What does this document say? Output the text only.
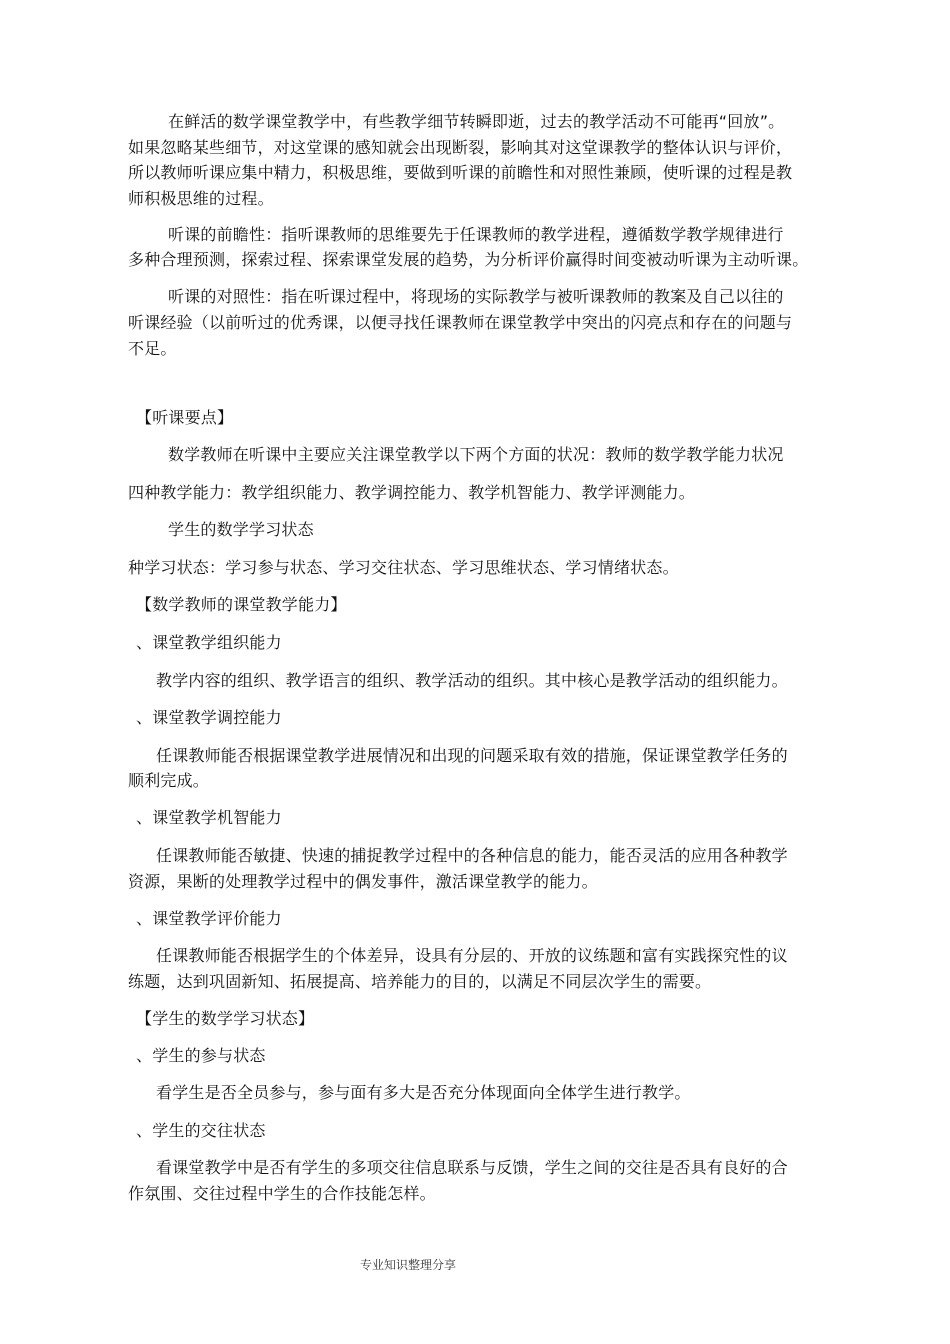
在鲜活的数学课堂教学中，有些教学细节转瞬即逝，过去的教学活动不可能再“回放”。
如果忽略某些细节，对这堂课的感知就会出现断裂，影响其对这堂课教学的整体认识与评价，
所以教师听课应集中精力，积极思维，要做到听课的前瞻性和对照性兼顾，使听课的过程是教
师积极思维的过程。
听课的前瞻性：指听课教师的思维要先于任课教师的教学进程，遵循数学教学规律进行
多种合理预测，探索过程、探索课堂发展的趋势，为分析评价赢得时间变被动听课为主动听课。
听课的对照性：指在听课过程中，将现场的实际教学与被听课教师的教案及自己以往的
听课经验（以前听过的优秀课，以便寻找任课教师在课堂教学中突出的闪亮点和存在的问题与
不足。
【听课要点】
数学教师在听课中主要应关注课堂教学以下两个方面的状况：教师的数学教学能力状况
四种教学能力：教学组织能力、教学调控能力、教学机智能力、教学评测能力。
学生的数学学习状态
种学习状态：学习参与状态、学习交往状态、学习思维状态、学习情绪状态。
【数学教师的课堂教学能力】
、课堂教学组织能力
教学内容的组织、教学语言的组织、教学活动的组织。其中核心是教学活动的组织能力。
、课堂教学调控能力
任课教师能否根据课堂教学进展情况和出现的问题采取有效的措施，保证课堂教学任务的
顺利完成。
、课堂教学机智能力
任课教师能否敏捷、快速的捕捉教学过程中的各种信息的能力，能否灵活的应用各种教学
资源，果断的处理教学过程中的偶发事件，激活课堂教学的能力。
、课堂教学评价能力
任课教师能否根据学生的个体差异，设具有分层的、开放的议练题和富有实践探究性的议
练题，达到巩固新知、拓展提高、培养能力的目的，以满足不同层次学生的需要。
【学生的数学学习状态】
、学生的参与状态
看学生是否全员参与，参与面有多大是否充分体现面向全体学生进行教学。
、学生的交往状态
看课堂教学中是否有学生的多项交往信息联系与反馈，学生之间的交往是否具有良好的合
作氛围、交往过程中学生的合作技能怎样。
专业知识整理分享
